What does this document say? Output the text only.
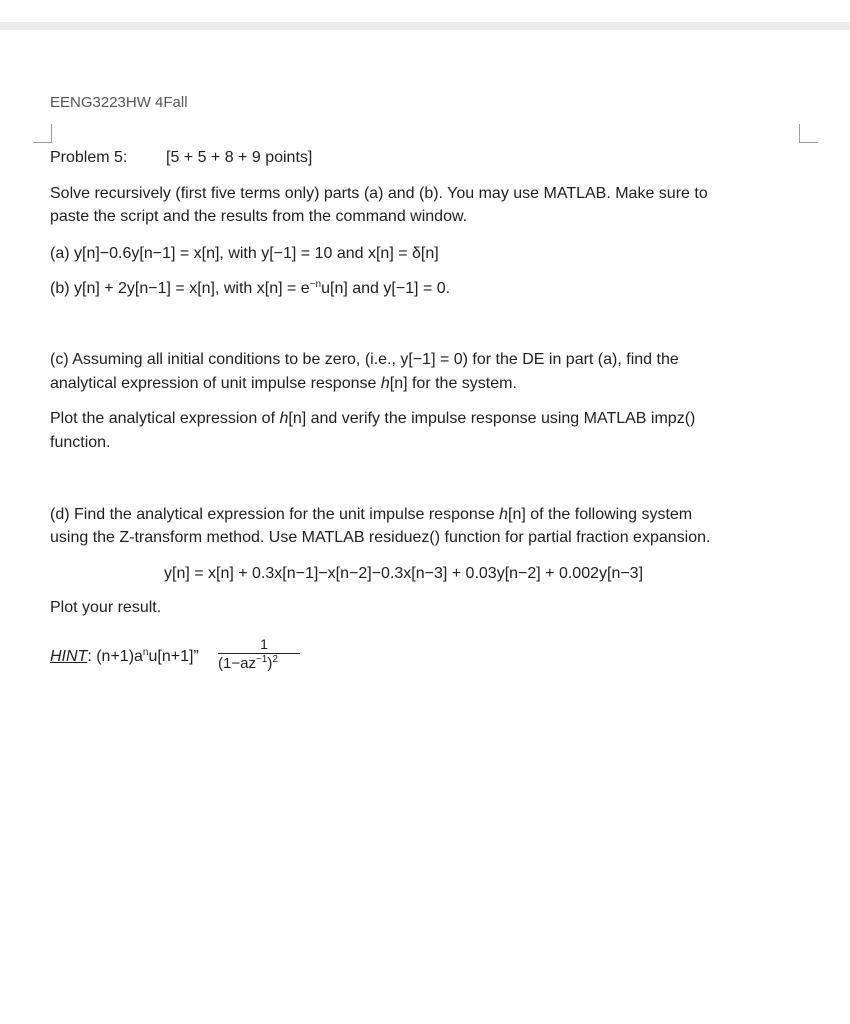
EENG3223HW 4Fall
Problem 5: [5 + 5 + 8 + 9 points]
Solve recursively (first five terms only) parts (a) and (b). You may use MATLAB. Make sure to
paste the script and the results from the command window.
(a) y[n]−0.6y[n−1] = x[n], with y[−1] = 10 and x[n] = δ[n]
(b) y[n] + 2y[n−1] = x[n], with $x[n] = e^{-n}u[n]$ and y[−1] = 0.
(c) Assuming all initial conditions to be zero, (i.e., y[−1] = 0) for the DE in part (a), find the
analytical expression of unit impulse response h[n] for the system.
Plot the analytical expression of h[n] and verify the impulse response using MATLAB impz()
function.
(d) Find the analytical expression for the unit impulse response h[n] of the following system
using the Z-transform method. Use MATLAB residuez() function for partial fraction expansion.
y[n] = x[n] + 0.3x[n−1]−x[n−2]−0.3x[n−3] + 0.03y[n−2] + 0.002y[n−3]
Plot your result.
HINT: $(n+1)a^nu[n+1]$” $\frac{1}{(1-az^{-1})^2}$
